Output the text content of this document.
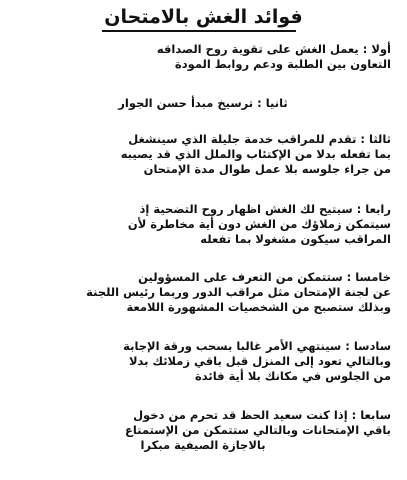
فوائد الغش بالامتحان
أولا : يعمل الغش على تقوية روح الصداقه
التعاون بين الطلبة ودعم روابط المودة
ثانيا : ترسيخ مبدأ حسن الجوار
ثالثا : تقدم للمراقب خدمة جليلة الذي سينشغل
بما تفعله بدلا من الإكتئاب والملل الذي قد يصيبه
من جراء جلوسه بلا عمل طوال مدة الإمتحان
رابعا : سيتيح لك الغش اظهار روح التضحية إذ
سيتمكن زملاؤك من الغش دون أية مخاطرة لأن
المراقب سيكون مشغولا بما تفعله
خامسا : ستتمكن من التعرف على المسؤولين
عن لجنة الإمتحان مثل مراقب الدور وربما رئيس اللجنة
وبذلك ستصبح من الشخصيات المشهورة اللامعة
سادسا : سينتهي الأمر غالبا بسحب ورقة الإجابة
وبالتالي تعود إلى المنزل قبل باقي زملائك بدلا
من الجلوس في مكانك بلا أية فائدة
سابعا : إذا كنت سعيد الحظ قد تحرم من دخول
باقي الإمتحانات وبالتالي ستتمكن من الإستمتاع
بالاجازة الصيفية مبكرا
